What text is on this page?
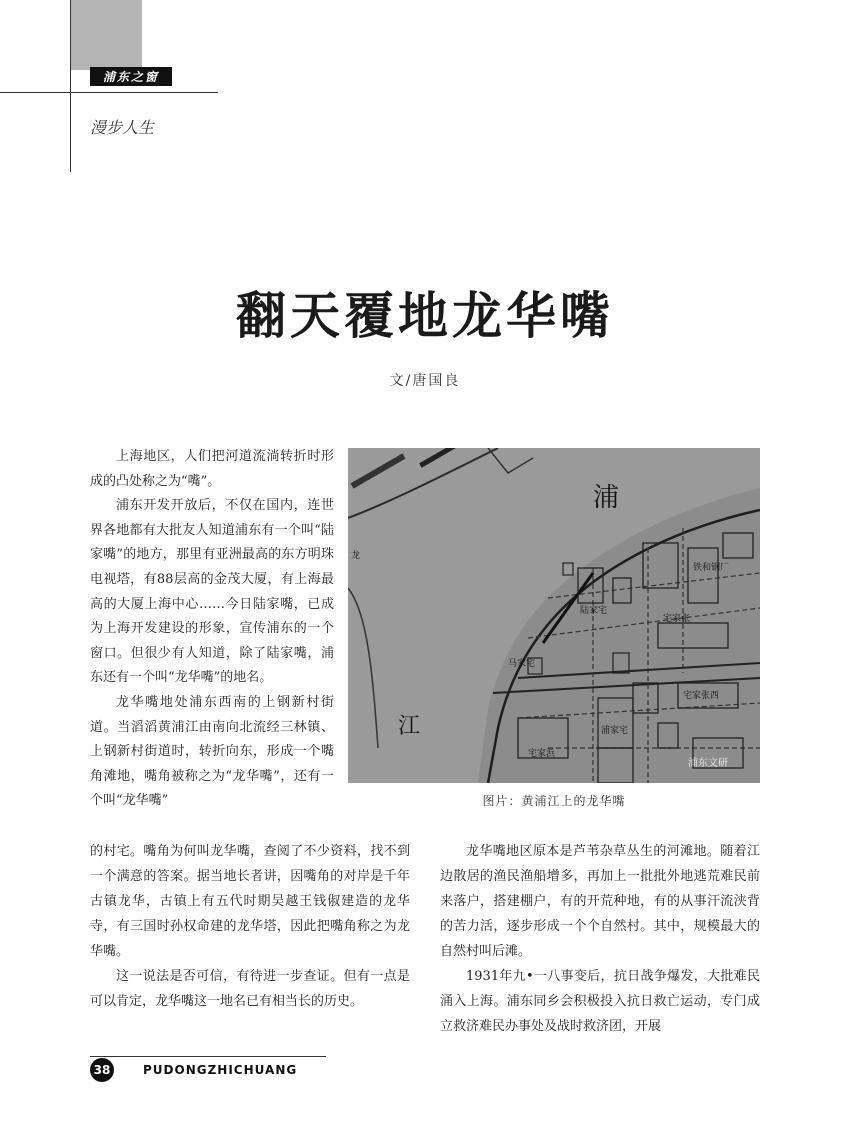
浦东之窗
漫步人生
翻天覆地龙华嘴
文/唐国良

上海地区，人们把河道流淌转折时形成的凸处称之为“嘴”。

浦东开发开放后，不仅在国内，连世界各地都有大批友人知道浦东有一个叫“陆家嘴”的地方，那里有亚洲最高的东方明珠电视塔，有88层高的金茂大厦，有上海最高的大厦上海中心……今日陆家嘴，已成为上海开发建设的形象，宣传浦东的一个窗口。但很少有人知道，除了陆家嘴，浦东还有一个叫“龙华嘴”的地名。

龙华嘴地处浦东西南的上钢新村街道。当滔滔黄浦江由南向北流经三林镇、上钢新村街道时，转折向东，形成一个嘴角滩地，嘴角被称之为“龙华嘴”，还有一个叫“龙华嘴”

浦
江
铁和钢厂
陆家宅
马家宅
宅家张
宅家张西
浦家宅
宅家浜
龙
浦东文研
图片：黄浦江上的龙华嘴

的村宅。嘴角为何叫龙华嘴，查阅了不少资料，找不到一个满意的答案。据当地长者讲，因嘴角的对岸是千年古镇龙华，古镇上有五代时期吴越王钱俶建造的龙华寺，有三国时孙权命建的龙华塔，因此把嘴角称之为龙华嘴。

这一说法是否可信，有待进一步查证。但有一点是可以肯定，龙华嘴这一地名已有相当长的历史。

龙华嘴地区原本是芦苇杂草丛生的河滩地。随着江边散居的渔民渔船增多，再加上一批批外地逃荒难民前来落户，搭建棚户，有的开荒种地，有的从事汗流浃背的苦力活，逐步形成一个个自然村。其中，规模最大的自然村叫后滩。

1931年九•一八事变后，抗日战争爆发，大批难民涌入上海。浦东同乡会积极投入抗日救亡运动，专门成立救济难民办事处及战时救济团，开展

38	PUDONGZHICHUANG
